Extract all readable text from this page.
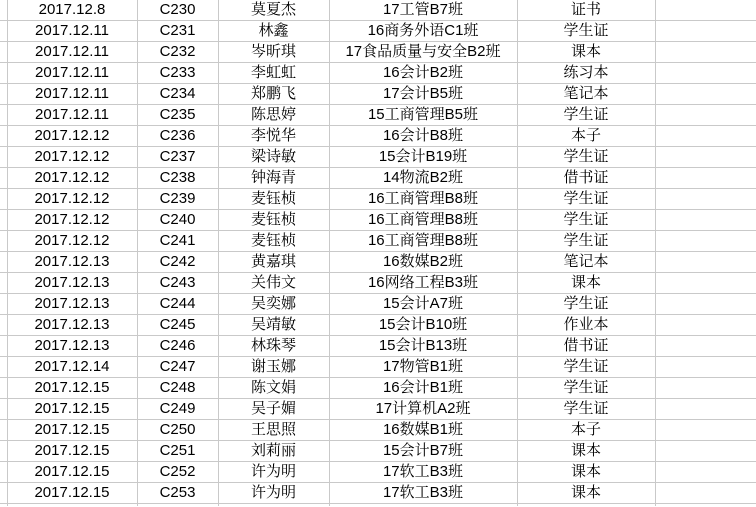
	2017.12.8	C230	莫夏杰	17工管B7班	证书	
	2017.12.11	C231	林鑫	16商务外语C1班	学生证	
	2017.12.11	C232	岑昕琪	17食品质量与安全B2班	课本	
	2017.12.11	C233	李虹虹	16会计B2班	练习本	
	2017.12.11	C234	郑鹏飞	17会计B5班	笔记本	
	2017.12.11	C235	陈思婷	15工商管理B5班	学生证	
	2017.12.12	C236	李悦华	16会计B8班	本子	
	2017.12.12	C237	梁诗敏	15会计B19班	学生证	
	2017.12.12	C238	钟海青	14物流B2班	借书证	
	2017.12.12	C239	麦钰桢	16工商管理B8班	学生证	
	2017.12.12	C240	麦钰桢	16工商管理B8班	学生证	
	2017.12.12	C241	麦钰桢	16工商管理B8班	学生证	
	2017.12.13	C242	黄嘉琪	16数媒B2班	笔记本	
	2017.12.13	C243	关伟文	16网络工程B3班	课本	
	2017.12.13	C244	吴奕娜	15会计A7班	学生证	
	2017.12.13	C245	吴靖敏	15会计B10班	作业本	
	2017.12.13	C246	林珠琴	15会计B13班	借书证	
	2017.12.14	C247	谢玉娜	17物管B1班	学生证	
	2017.12.15	C248	陈文娟	16会计B1班	学生证	
	2017.12.15	C249	吴子媚	17计算机A2班	学生证	
	2017.12.15	C250	王思照	16数媒B1班	本子	
	2017.12.15	C251	刘莉丽	15会计B7班	课本	
	2017.12.15	C252	许为明	17软工B3班	课本	
	2017.12.15	C253	许为明	17软工B3班	课本	
